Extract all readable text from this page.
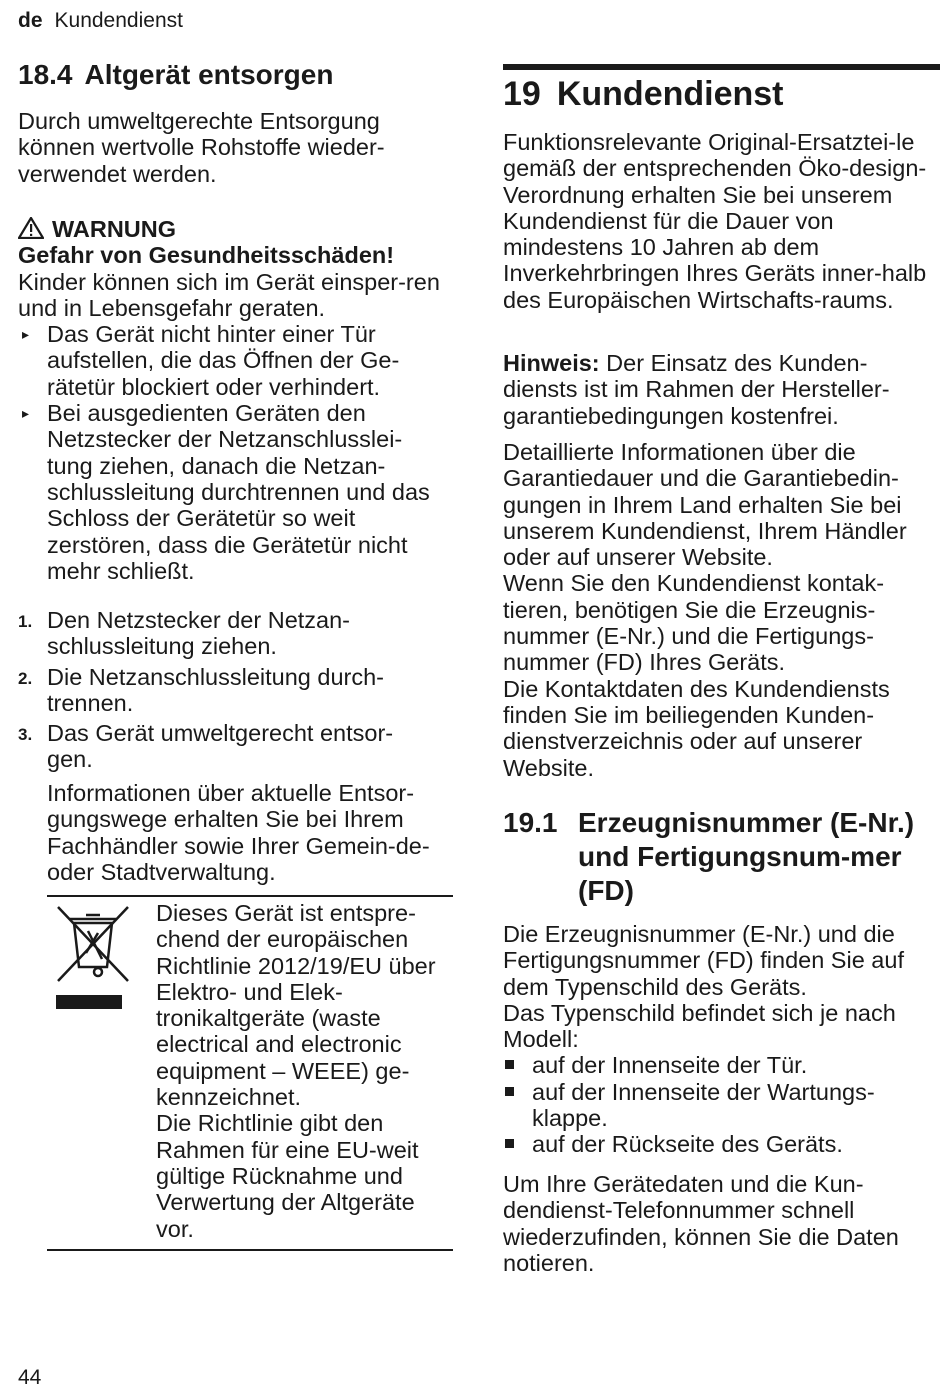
de Kundendienst
18.4 Altgerät entsorgen

Durch umweltgerechte Entsorgung können wertvolle Rohstoffe wieder-verwendet werden.

WARNUNG
Gefahr von Gesundheitsschäden!
Kinder können sich im Gerät einsper-ren und in Lebensgefahr geraten.
▸ Das Gerät nicht hinter einer Tür aufstellen, die das Öffnen der Ge-rätetür blockiert oder verhindert.
▸ Bei ausgedienten Geräten den Netzstecker der Netzanschlusslei-tung ziehen, danach die Netzan-schlussleitung durchtrennen und das Schloss der Gerätetür so weit zerstören, dass die Gerätetür nicht mehr schließt.
1. Den Netzstecker der Netzan-schlussleitung ziehen.
2. Die Netzanschlussleitung durch-trennen.
3. Das Gerät umweltgerecht entsor-gen.

Informationen über aktuelle Entsor-gungswege erhalten Sie bei Ihrem Fachhändler sowie Ihrer Gemein-de- oder Stadtverwaltung.

Dieses Gerät ist entspre-chend der europäischen Richtlinie 2012/19/EU über Elektro- und Elek-tronikaltgeräte (waste electrical and electronic equipment – WEEE) ge-kennzeichnet.
Die Richtlinie gibt den Rahmen für eine EU-weit gültige Rücknahme und Verwertung der Altgeräte vor.
19 Kundendienst

Funktionsrelevante Original-Ersatztei-le gemäß der entsprechenden Öko-design-Verordnung erhalten Sie bei unserem Kundendienst für die Dauer von mindestens 10 Jahren ab dem Inverkehrbringen Ihres Geräts inner-halb des Europäischen Wirtschafts-raums.

Hinweis: Der Einsatz des Kunden-diensts ist im Rahmen der Hersteller-garantiebedingungen kostenfrei.

Detaillierte Informationen über die Garantiedauer und die Garantiebedin-gungen in Ihrem Land erhalten Sie bei unserem Kundendienst, Ihrem Händler oder auf unserer Website.
Wenn Sie den Kundendienst kontak-tieren, benötigen Sie die Erzeugnis-nummer (E-Nr.) und die Fertigungs-nummer (FD) Ihres Geräts.
Die Kontaktdaten des Kundendiensts finden Sie im beiliegenden Kunden-dienstverzeichnis oder auf unserer Website.
19.1 Erzeugnisnummer (E-Nr.) und Fertigungsnum-mer (FD)
Die Erzeugnisnummer (E-Nr.) und die Fertigungsnummer (FD) finden Sie auf dem Typenschild des Geräts.
Das Typenschild befindet sich je nach Modell:
auf der Innenseite der Tür.
auf der Innenseite der Wartungs-klappe.
auf der Rückseite des Geräts.

Um Ihre Gerätedaten und die Kun-dendienst-Telefonnummer schnell wiederzufinden, können Sie die Daten notieren.

44
